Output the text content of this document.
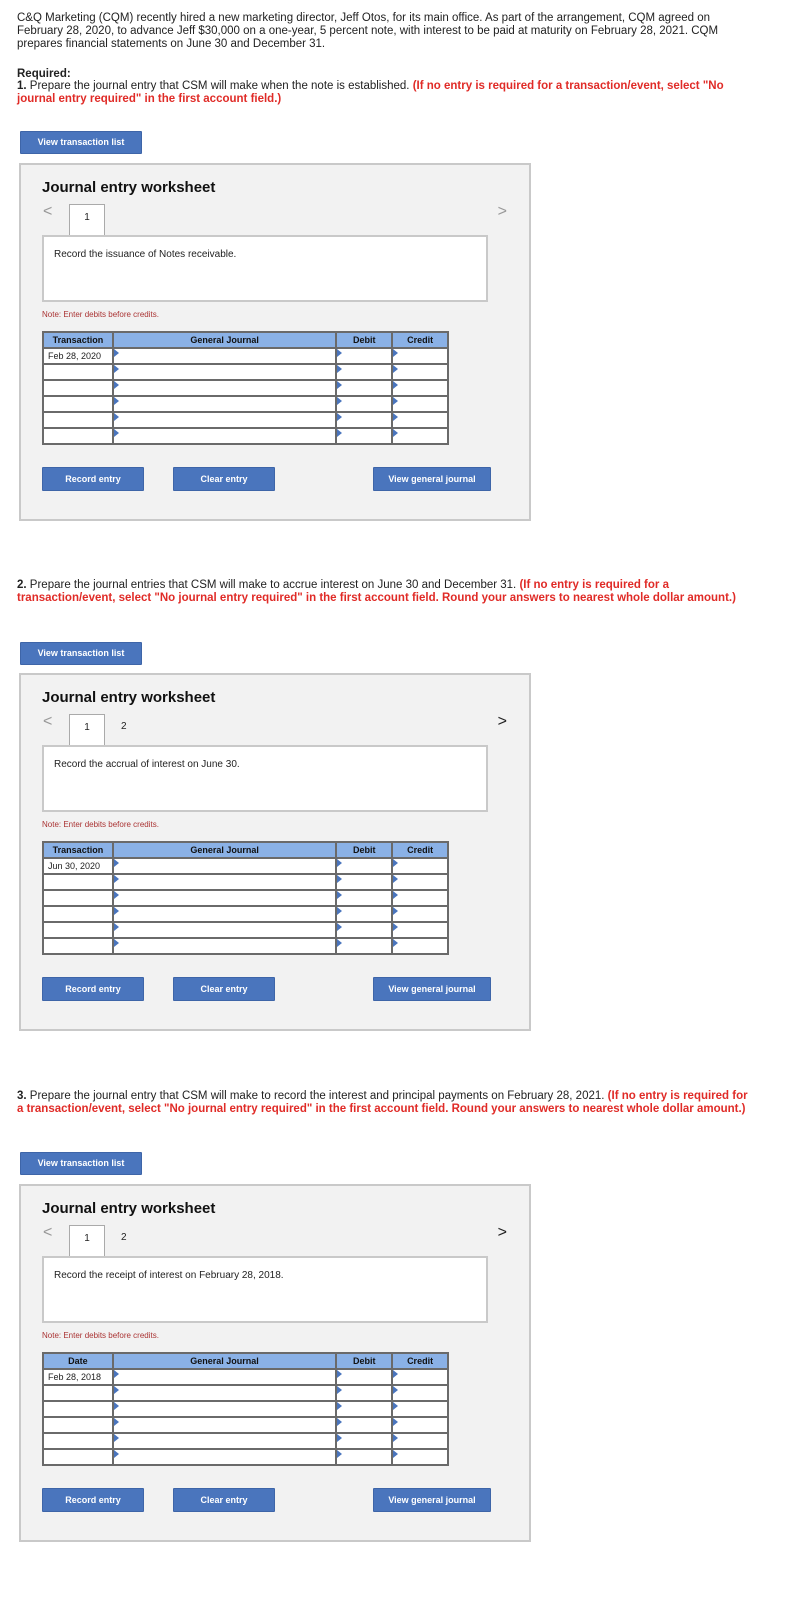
C&Q Marketing (CQM) recently hired a new marketing director, Jeff Otos, for its main office. As part of the arrangement, CQM agreed on February 28, 2020, to advance Jeff $30,000 on a one-year, 5 percent note, with interest to be paid at maturity on February 28, 2021. CQM prepares financial statements on June 30 and December 31.
Required:
1. Prepare the journal entry that CSM will make when the note is established. (If no entry is required for a transaction/event, select "No journal entry required" in the first account field.)
View transaction list
Journal entry worksheet
<	>
1
Record the issuance of Notes receivable.
Note: Enter debits before credits.
Transaction	General Journal	Debit	Credit
Feb 28, 2020			

Record entry	Clear entry	View general journal
2. Prepare the journal entries that CSM will make to accrue interest on June 30 and December 31. (If no entry is required for a transaction/event, select "No journal entry required" in the first account field. Round your answers to nearest whole dollar amount.)
View transaction list
Journal entry worksheet
<	>
1	2
Record the accrual of interest on June 30.
Note: Enter debits before credits.
Transaction	General Journal	Debit	Credit
Jun 30, 2020			

Record entry	Clear entry	View general journal
3. Prepare the journal entry that CSM will make to record the interest and principal payments on February 28, 2021. (If no entry is required for a transaction/event, select "No journal entry required" in the first account field. Round your answers to nearest whole dollar amount.)
View transaction list
Journal entry worksheet
<	>
1	2
Record the receipt of interest on February 28, 2018.
Note: Enter debits before credits.
Date	General Journal	Debit	Credit
Feb 28, 2018			

Record entry	Clear entry	View general journal
